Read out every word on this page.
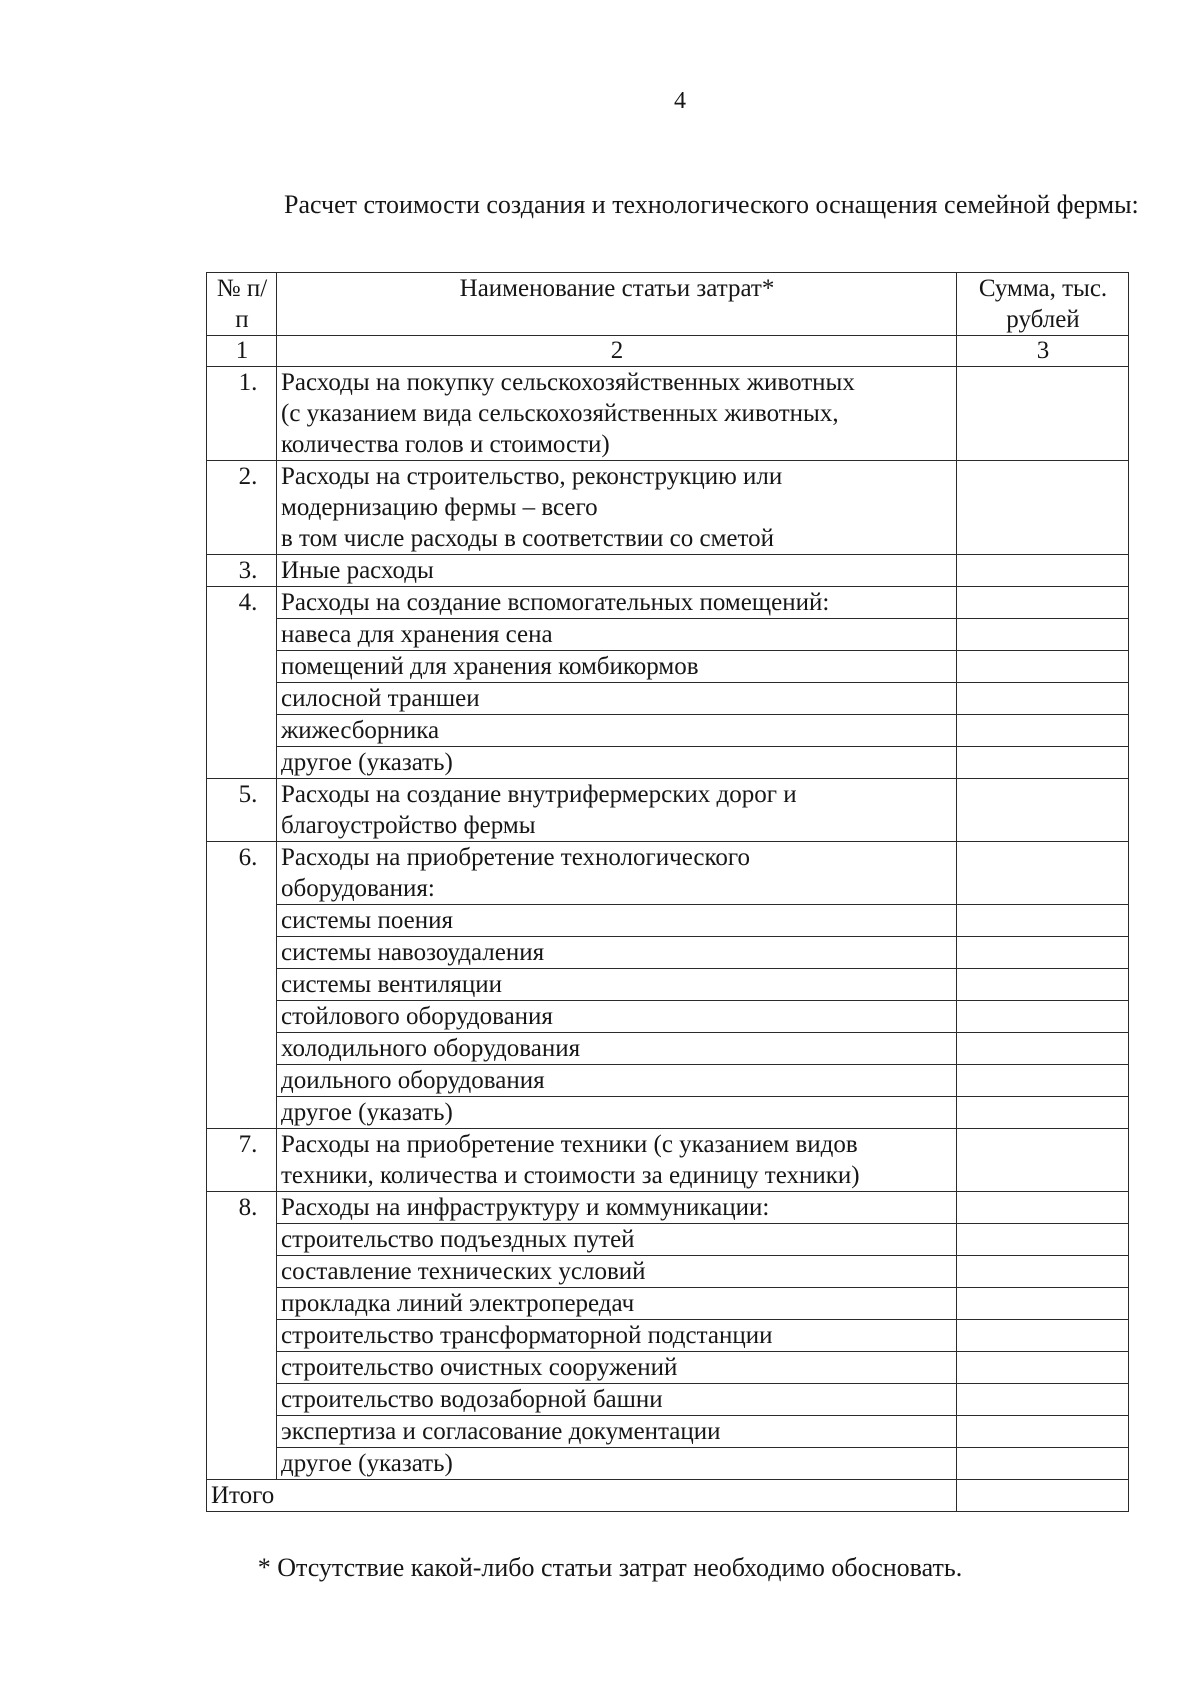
4
Расчет стоимости создания и технологического оснащения семейной фермы:
№ п/п	Наименование статьи затрат*	Сумма, тыс. рублей
1	2	3
1.	Расходы на покупку сельскохозяйственных животных
(с указанием вида сельскохозяйственных животных,
количества голов и стоимости)	

2.	Расходы на строительство, реконструкцию или
модернизацию фермы – всего
в том числе расходы в соответствии со сметой	

3.	Иные расходы	

4.	Расходы на создание вспомогательных помещений:	

	навеса для хранения сена	
	помещений для хранения комбикормов	
	силосной траншеи	
	жижесборника	
	другое (указать)	
5.	Расходы на создание внутрифермерских дорог и
благоустройство фермы	

6.	Расходы на приобретение технологического
оборудования:	

	системы поения	
	системы навозоудаления	
	системы вентиляции	
	стойлового оборудования	
	холодильного оборудования	
	доильного оборудования	
	другое (указать)	
7.	Расходы на приобретение техники (с указанием видов
техники, количества и стоимости за единицу техники)	

8.	Расходы на инфраструктуру и коммуникации:	

	строительство подъездных путей	
	составление технических условий	
	прокладка линий электропередач	
	строительство трансформаторной подстанции	
	строительство очистных сооружений	
	строительство водозаборной башни	
	экспертиза и согласование документации	
	другое (указать)	
Итого		
* Отсутствие какой-либо статьи затрат необходимо обосновать.
